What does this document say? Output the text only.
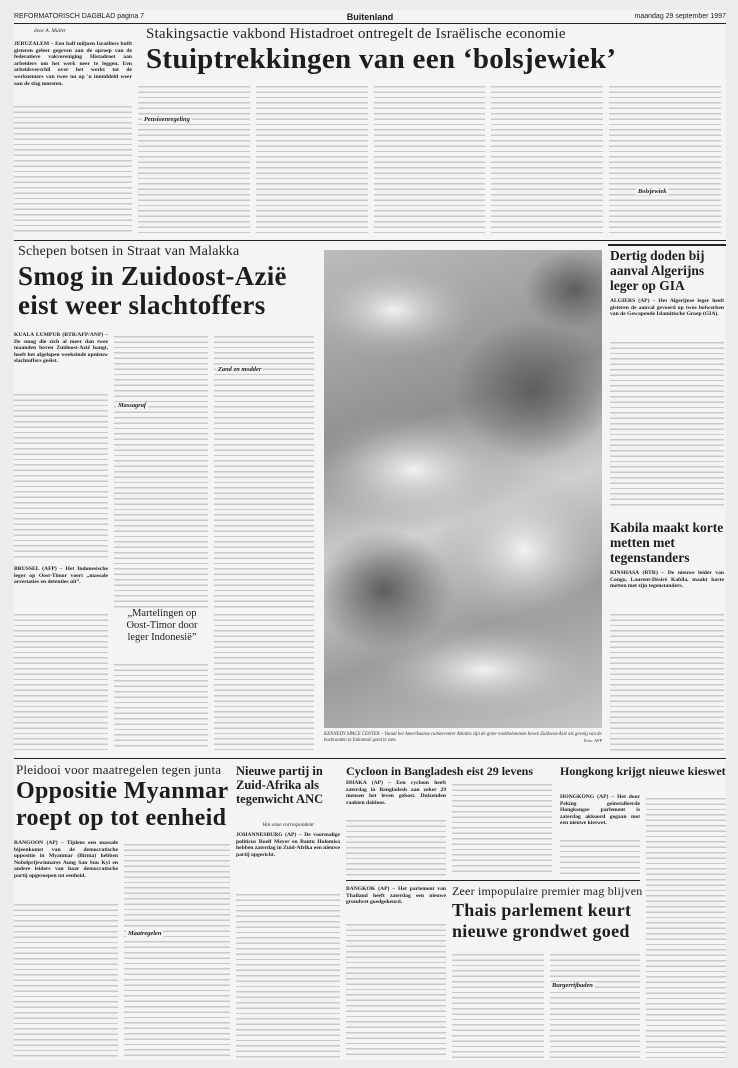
REFORMATORISCH DAGBLAD pagina 7	Buitenland	maandag 29 september 1997
door A. Muller	Stakingsactie vakbond Histadroet ontregelt de Israëlische economie
Stuiptrekkingen van een ‘bolsjewiek’
JERUZALEM – Een half miljoen Israëliers bofft gisteren geleer gegeven aan de oproep van de federatieve vakvereniging Histadroet aan arbeiders om het werk neer te leggen. Een arbeidsverschil over het werkt tot de werknemers van twee nu op 'n inmiddeld weer aan de slag moesten.
Pensioenregeling
Bolsjewiek
Schepen botsen in Straat van Malakka
Smog in Zuidoost-Azië eist weer slachtoffers
KUALA LUMPUR (RTR/AFP/ANP) – De smog die zich al meer dan twee maanden boven Zuidoost-Azië hangt, heeft het afgelopen weekeinde opnieuw slachtoffers geëist.
Massagraf
Zand en modder
BRUSSEL (AFP) – Het Indonesische leger op Oost-Timor voert „massale arrestaties en detenties uit”.
„Martelingen op Oost-Timor door leger Indonesië”
KENNEDY SPACE CENTER – Vanuit het Amerikaanse ruimtecenter Atlantis zijn de grote rookbolommen boven Zuidoost-Azië als gevolg van de bosbranden in Indonesië goed te zien.	Foto: AFP
Dertig doden bij aanval Algerijns leger op GIA
ALGIERS (AP) – Het Algerijnse leger heeft gisteren de aanval gevoerd op twee bolwerken van de Gewapende Islamitische Groep (GIA).
Kabila maakt korte metten met tegenstanders
KINSHASA (RTR) – De nieuwe leider van Congo, Laurent-Désiré Kabila, maakt korte metten met zijn tegenstanders.
Pleidooi voor maatregelen tegen junta
Oppositie Myanmar roept op tot eenheid
RANGOON (AP) – Tijdens een massale bijeenkomst van de democratische oppositie in Myanmar (Birma) hebben Nobelprijswinnares Aung San Suu Kyi en andere leiders van haar democratische partij opgeroepen tot eenheid.
Maatregelen
Nieuwe partij in Zuid-Afrika als tegenwicht ANC
Van onze correspondent
JOHANNESBURG (AP) – De voormalige politicus Roelf Meyer en Bantu Holomisa hebben zaterdag in Zuid-Afrika een nieuwe partij opgericht.
Cycloon in Bangladesh eist 29 levens
DHAKA (AP) – Een cycloon heeft zaterdag in Bangladesh aan zeker 29 mensen het leven gekost. Duizenden raakten dakloos.
Hongkong krijgt nieuwe kieswet
HONGKONG (AP) – Het door Peking geïnstalleerde Hongkongse parlement is zaterdag akkoord gegaan met een nieuwe kieswet.
BANGKOK (AP) – Het parlement van Thailand heeft zaterdag een nieuwe grondwet goedgekeurd.
Zeer impopulaire premier mag blijven
Thais parlement keurt nieuwe grondwet goed
Burgerrijbaden
